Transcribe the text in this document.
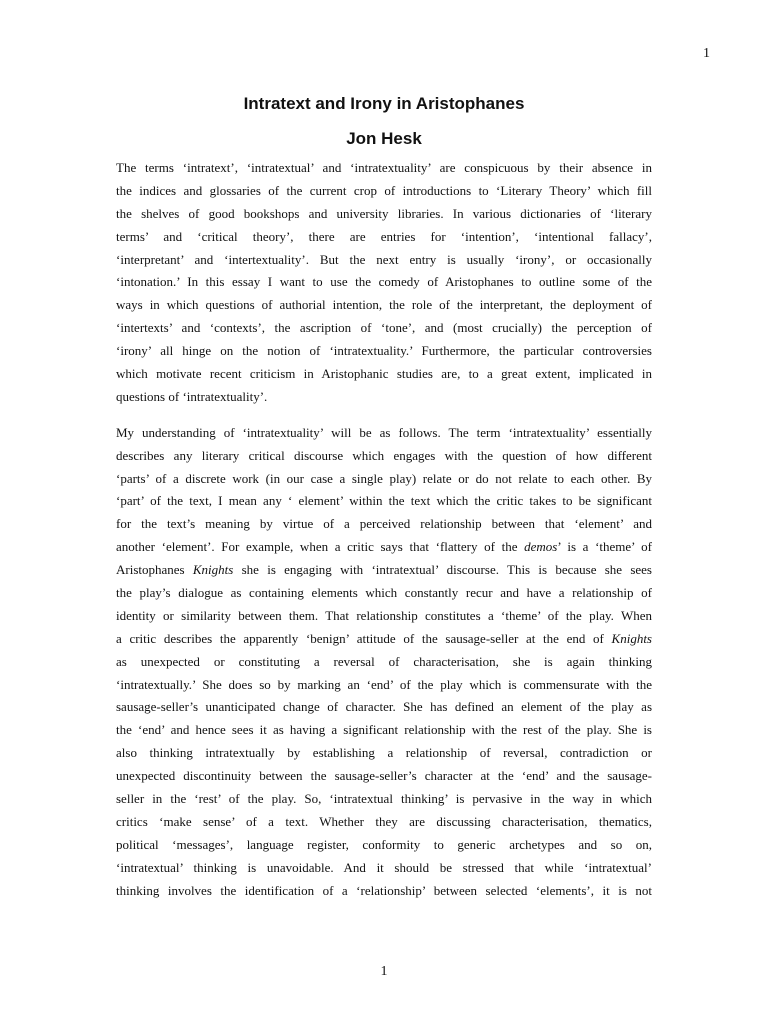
1
Intratext and Irony in Aristophanes
Jon Hesk

The terms ‘intratext’, ‘intratextual’ and ‘intratextuality’ are conspicuous by their absence in
the indices and glossaries of the current crop of introductions to ‘Literary Theory’ which fill
the shelves of good bookshops and university libraries. In various dictionaries of ‘literary
terms’ and ‘critical theory’, there are entries for ‘intention’, ‘intentional fallacy’,
‘interpretant’ and ‘intertextuality’. But the next entry is usually ‘irony’, or occasionally
‘intonation.’ In this essay I want to use the comedy of Aristophanes to outline some of the
ways in which questions of authorial intention, the role of the interpretant, the deployment of
‘intertexts’ and ‘contexts’, the ascription of ‘tone’, and (most crucially) the perception of
‘irony’ all hinge on the notion of ‘intratextuality.’ Furthermore, the particular controversies
which motivate recent criticism in Aristophanic studies are, to a great extent, implicated in
questions of ‘intratextuality’.

My understanding of ‘intratextuality’ will be as follows. The term ‘intratextuality’ essentially
describes any literary critical discourse which engages with the question of how different
‘parts’ of a discrete work (in our case a single play) relate or do not relate to each other. By
‘part’ of the text, I mean any ‘ element’ within the text which the critic takes to be significant
for the text’s meaning by virtue of a perceived relationship between that ‘element’ and
another ‘element’. For example, when a critic says that ‘flattery of the demos’ is a ‘theme’ of
Aristophanes Knights she is engaging with ‘intratextual’ discourse. This is because she sees
the play’s dialogue as containing elements which constantly recur and have a relationship of
identity or similarity between them. That relationship constitutes a ‘theme’ of the play. When
a critic describes the apparently ‘benign’ attitude of the sausage-seller at the end of Knights
as unexpected or constituting a reversal of characterisation, she is again thinking
‘intratextually.’ She does so by marking an ‘end’ of the play which is commensurate with the
sausage-seller’s unanticipated change of character. She has defined an element of the play as
the ‘end’ and hence sees it as having a significant relationship with the rest of the play. She is
also thinking intratextually by establishing a relationship of reversal, contradiction or
unexpected discontinuity between the sausage-seller’s character at the ‘end’ and the sausage-
seller in the ‘rest’ of the play. So, ‘intratextual thinking’ is pervasive in the way in which
critics ‘make sense’ of a text. Whether they are discussing characterisation, thematics,
political ‘messages’, language register, conformity to generic archetypes and so on,
‘intratextual’ thinking is unavoidable. And it should be stressed that while ‘intratextual’
thinking involves the identification of a ‘relationship’ between selected ‘elements’, it is not

1
